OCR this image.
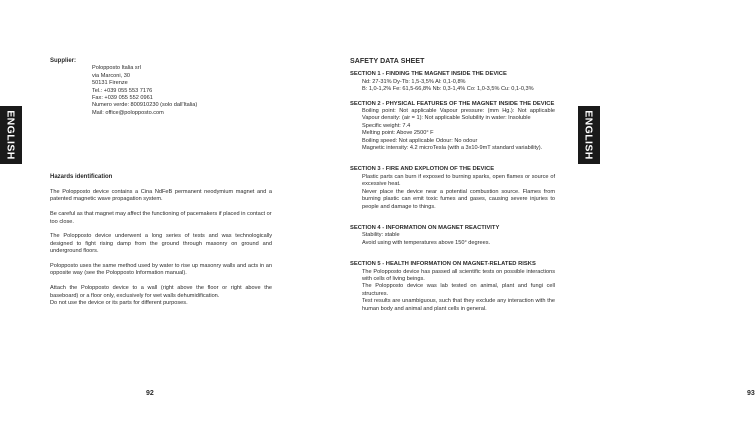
ENGLISH
Supplier:
Polopposto Italia srl
via Marconi, 30
50131 Firenze
Tel.: +039 055 553 7176
Fax: +039 055 552 0961
Numero verde: 800910230 (solo dall'Italia)
Mail: office@polopposto.com
Hazards identification

The Polopposto device contains a Cina NdFeB permanent neodymium magnet and a patented magnetic wave propagation system.

Be careful as that magnet may affect the functioning of pacemakers if placed in contact or too close.

The Polopposto device underwent a long series of tests and was technologically designed to fight rising damp from the ground through masonry on ground and underground floors.

Polopposto uses the same method used by water to rise up masonry walls and acts in an opposite way (see the Polopposto Information manual).

Attach the Polopposto device to a wall (right above the floor or right above the baseboard) or a floor only, exclusively for wet walls dehumidification.

Do not use the device or its parts for different purposes.

92
ENGLISH
93
SAFETY DATA SHEET
SECTION 1 - FINDING THE MAGNET INSIDE THE DEVICE
Nd: 27-31% Dy-Tb: 1,5-3,5% Al: 0,1-0,8%
B: 1,0-1,2% Fe: 61,5-66,8% Nb: 0,3-1,4% Co: 1,0-3,5% Cu: 0,1-0,3%
SECTION 2 - PHYSICAL FEATURES OF THE MAGNET INSIDE THE DEVICE
Boiling point: Not applicable Vapour pressure: (mm Hg.): Not applicable Vapour density: (air = 1): Not applicable Solubility in water: Insoluble
Specific weight: 7.4
Melting point: Above 2500° F
Boiling speed: Not applicable Odour: No odour
Magnetic intensity: 4.2 microTesla (with a 3x10-9mT standard variability).
SECTION 3 - FIRE AND EXPLOTION OF THE DEVICE
Plastic parts can burn if exposed to burning sparks, open flames or source of excessive heat.
Never place the device near a potential combustion source. Flames from burning plastic can emit toxic fumes and gases, causing severe injuries to people and damage to things.
SECTION 4 - INFORMATION ON MAGNET REACTIVITY
Stability: stable
Avoid using with temperatures above 150° degrees.
SECTION 5 - HEALTH INFORMATION ON MAGNET-RELATED RISKS
The Polopposto device has passed all scientific tests on possible interactions with cells of living beings.
The Polopposto device was lab tested on animal, plant and fungi cell structures.
Test results are unambiguous, such that they exclude any interaction with the human body and animal and plant cells in general.
